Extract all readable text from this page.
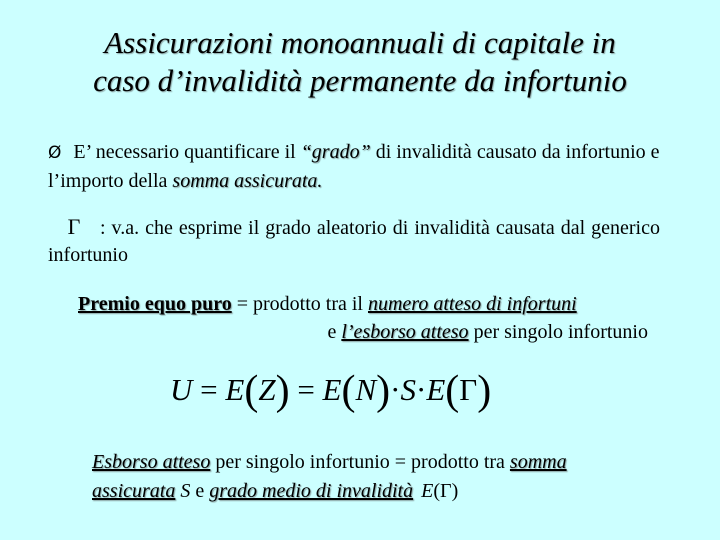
Assicurazioni monoannuali di capitale in
caso d’invalidità permanente da infortunio
Ø E’ necessario quantificare il “grado” di invalidità causato da infortunio e l’importo della somma assicurata.
Γ : v.a. che esprime il grado aleatorio di invalidità causata dal generico infortunio
Premio equo puro = prodotto tra il numero atteso di infortuni
e l’esborso atteso per singolo infortunio
U = E(Z) = E(N)·S·E(Γ)
Esborso atteso per singolo infortunio = prodotto tra somma assicurata S e grado medio di invalidità E(Γ)
